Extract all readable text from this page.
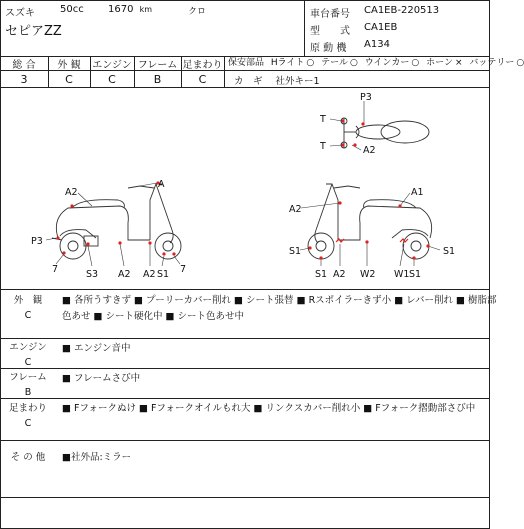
スズキ	50cc 1670 km	クロ
セピアZZ
車台番号 CA1EB-220513
型　　式 CA1EB
原 動 機 A134
総 合	外 観	エンジン フレーム 足まわり
3	C	C	B	C
保安部品 Hライト ○ テール ○ ウインカー ○ ホーン × バッテリー ○
カ　ギ 社外キー1
P3
T
T	A2
A
A2
P3
7	S3 A2 A2 S1 7
A1
A2
S1	S1
S1 A2 W2 W1 S1
外　観
C
■ 各所うすきず ■ プーリーカバー削れ ■ シート張替 ■ Rスポイラーきず小 ■ レバー削れ ■ 樹脂部
色あせ ■ シート硬化中 ■ シート色あせ中
エンジン
C
■ エンジン音中
フレーム
B
■ フレームさび中
足まわり
C
■ Fフォークぬけ ■ Fフォークオイルもれ大 ■ リンクスカバー削れ小 ■ Fフォーク摺動部さび中
そ の 他	■社外品:ミラー
